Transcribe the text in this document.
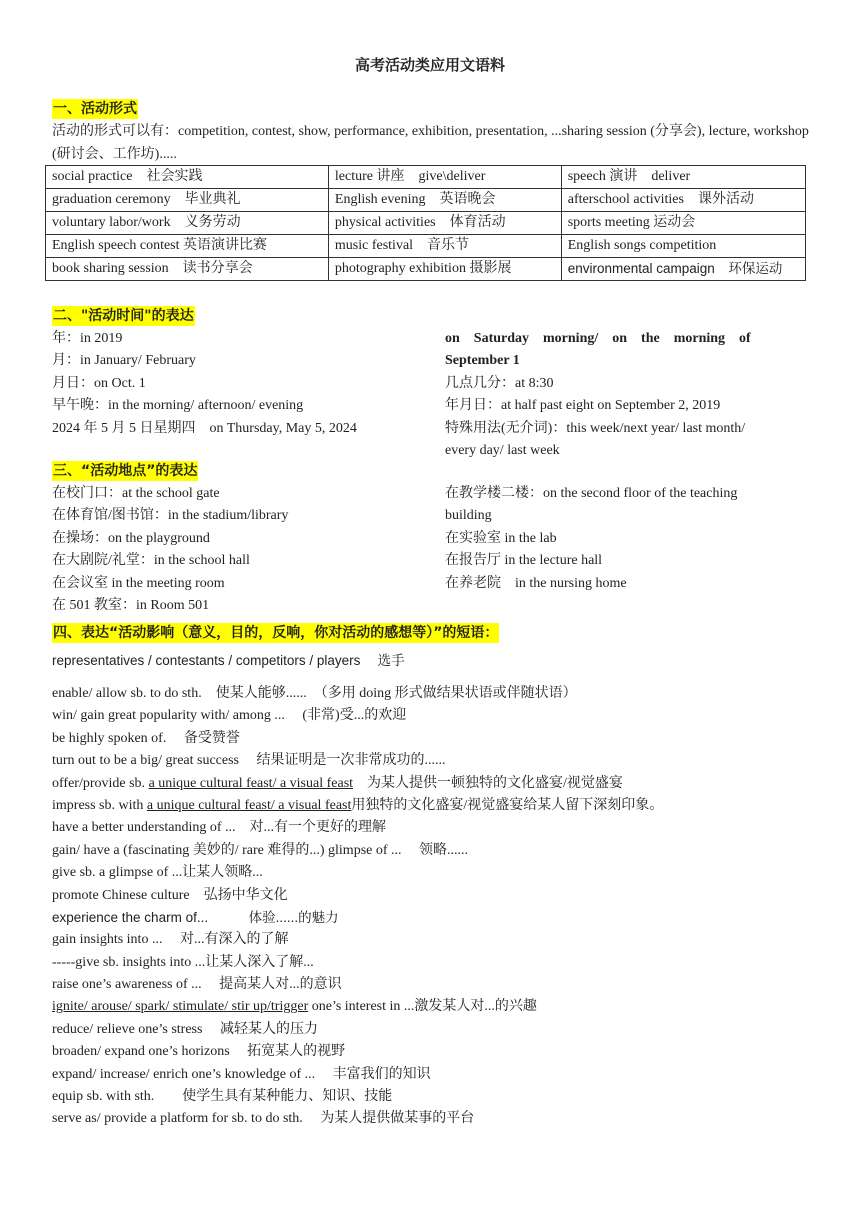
高考活动类应用文语料
一、活动形式
活动的形式可以有：competition, contest, show, performance, exhibition, presentation, ...sharing session (分享会), lecture, workshop (研讨会、工作坊).....
social practice　社会实践	lecture 讲座　give\deliver	speech 演讲　deliver
graduation ceremony　毕业典礼	English evening　英语晚会	afterschool activities　课外活动
voluntary labor/work　义务劳动	physical activities　体育活动	sports meeting 运动会
English speech contest 英语演讲比赛	music festival　音乐节	English songs competition
book sharing session　读书分享会	photography exhibition 摄影展	environmental campaign　环保运动
二、"活动时间"的表达
年：in 2019
月：in January/ February
月日：on Oct. 1
早午晚：in the morning/ afternoon/ evening
2024 年 5 月 5 日星期四　on Thursday, May 5, 2024
on　Saturday　morning/　on　the　morning　of
September 1
几点几分：at 8:30
年月日：at half past eight on September 2, 2019
特殊用法(无介词)：this week/next year/ last month/
every day/ last week
三、“活动地点”的表达
在校门口：at the school gate
在体育馆/图书馆：in the stadium/library
在操场：on the playground
在大剧院/礼堂：in the school hall
在会议室 in the meeting room
在 501 教室：in Room 501
在教学楼二楼：on the second floor of the teaching
building
在实验室 in the lab
在报告厅 in the lecture hall
在养老院　in the nursing home
四、表达“活动影响（意义，目的，反响，你对活动的感想等）”的短语：
representatives / contestants / competitors / players　 选手
enable/ allow sb. to do sth.　使某人能够......　（多用 doing 形式做结果状语或伴随状语）
win/ gain great popularity with/ among ...　 (非常)受...的欢迎
be highly spoken of.　 备受赞誉
turn out to be a big/ great success　 结果证明是一次非常成功的......
offer/provide sb. a unique cultural feast/ a visual feast　为某人提供一顿独特的文化盛宴/视觉盛宴
impress sb. with a unique cultural feast/ a visual feast用独特的文化盛宴/视觉盛宴给某人留下深刻印象。
have a better understanding of ...　对...有一个更好的理解
gain/ have a (fascinating 美妙的/ rare 难得的...) glimpse of ...　 领略......
give sb. a glimpse of ...让某人领略...
promote Chinese culture　弘扬中华文化
experience the charm of...　　　体验......的魅力
gain insights into ...　 对...有深入的了解
-----give sb. insights into ...让某人深入了解...
raise one’s awareness of ...　 提高某人对...的意识
ignite/ arouse/ spark/ stimulate/ stir up/trigger one’s interest in ...激发某人对...的兴趣
reduce/ relieve one’s stress　 减轻某人的压力
broaden/ expand one’s horizons　 拓宽某人的视野
expand/ increase/ enrich one’s knowledge of ...　 丰富我们的知识
equip sb. with sth.　　使学生具有某种能力、知识、技能
serve as/ provide a platform for sb. to do sth.　 为某人提供做某事的平台
